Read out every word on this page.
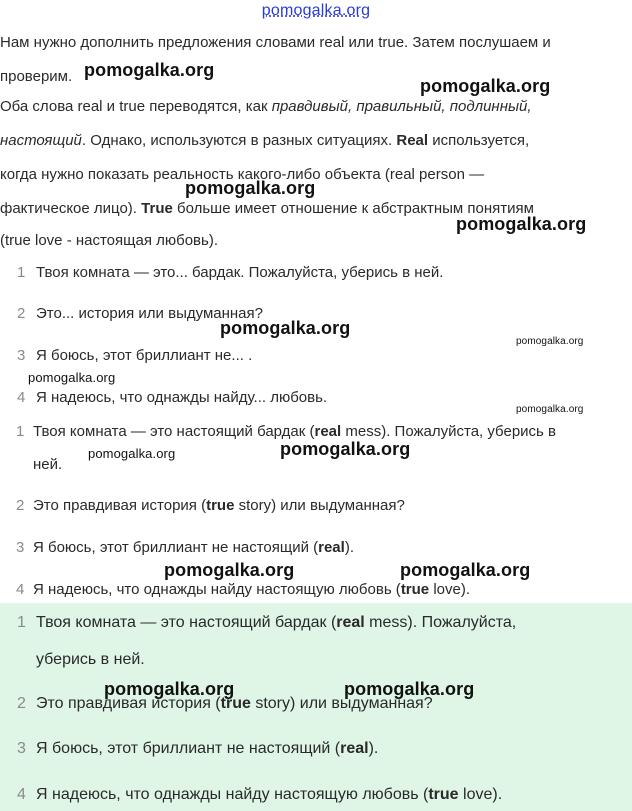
pomogalka.org
Нам нужно дополнить предложения словами real или true. Затем послушаем и
проверим.
Оба слова real и true переводятся, как правдивый, правильный, подлинный,
настоящий. Однако, используются в разных ситуациях. Real используется,
когда нужно показать реальность какого-либо объекта (real person —
фактическое лицо). True больше имеет отношение к абстрактным понятиям
(true love - настоящая любовь).
1 Твоя комната — это... бардак. Пожалуйста, уберись в ней.
2 Это... история или выдуманная?
3 Я боюсь, этот бриллиант не... .
4 Я надеюсь, что однажды найду... любовь.
1 Твоя комната — это настоящий бардак (real mess). Пожалуйста, уберись в
ней.
2 Это правдивая история (true story) или выдуманная?
3 Я боюсь, этот бриллиант не настоящий (real).
4 Я надеюсь, что однажды найду настоящую любовь (true love).
1 Твоя комната — это настоящий бардак (real mess). Пожалуйста,
уберись в ней.
2 Это правдивая история (true story) или выдуманная?
3 Я боюсь, этот бриллиант не настоящий (real).
4 Я надеюсь, что однажды найду настоящую любовь (true love).
pomogalka.org
pomogalka.org
pomogalka.org
pomogalka.org
pomogalka.org
pomogalka.org
pomogalka.org
pomogalka.org
pomogalka.org
pomogalka.org
pomogalka.org	pomogalka.org
pomogalka.org	pomogalka.org
